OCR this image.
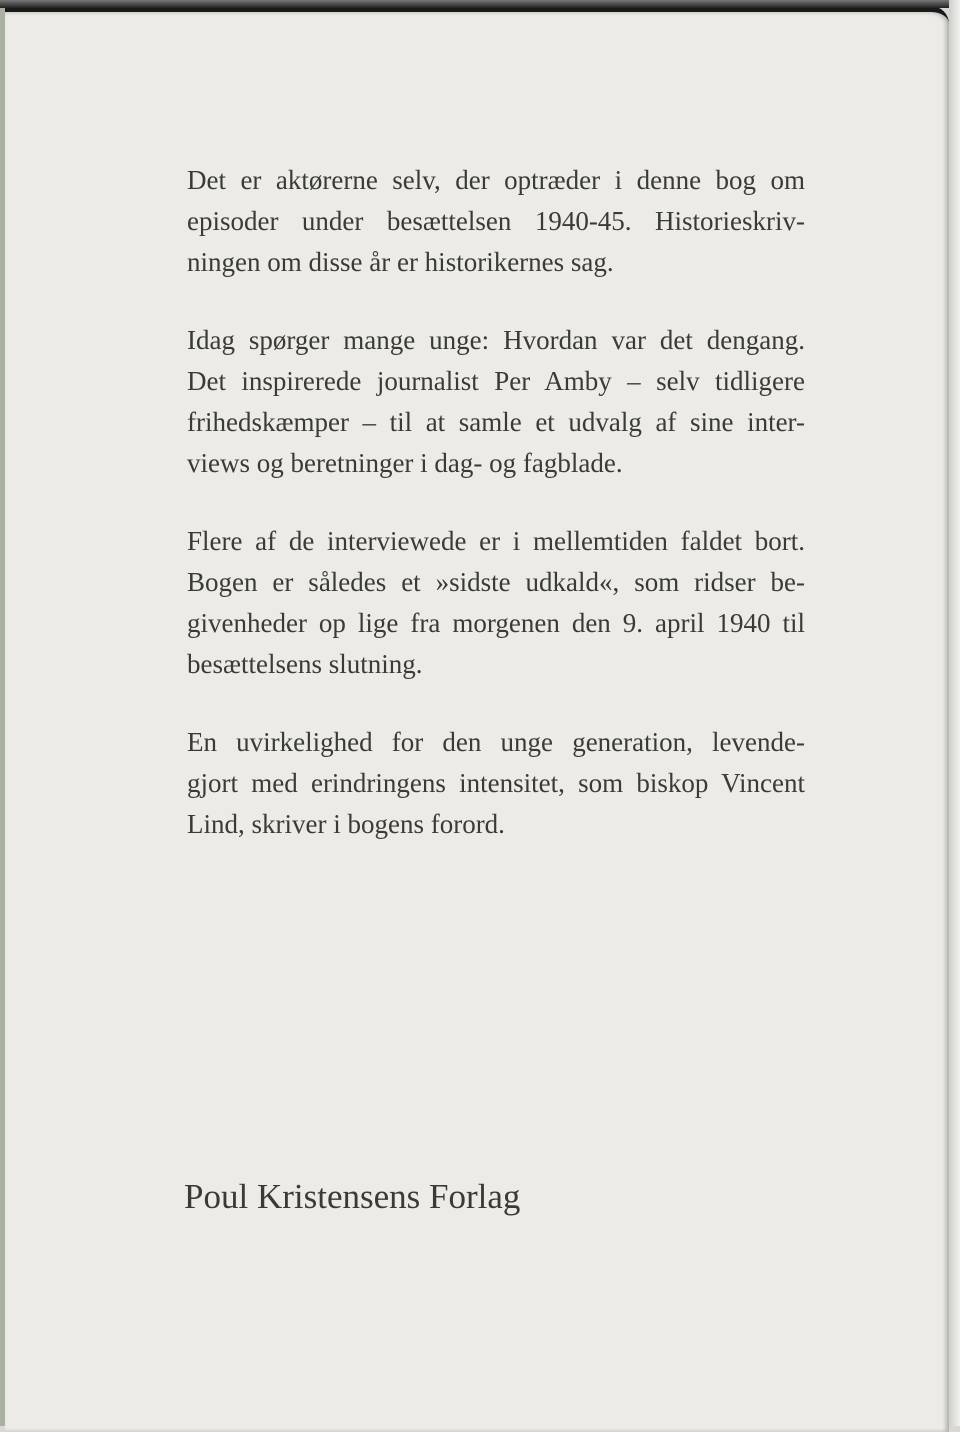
Det er aktørerne selv, der optræder i denne bog om
episoder under besættelsen 1940-45. Historieskriv-
ningen om disse år er historikernes sag.
Idag spørger mange unge: Hvordan var det dengang.
Det inspirerede journalist Per Amby – selv tidligere
frihedskæmper – til at samle et udvalg af sine inter-
views og beretninger i dag- og fagblade.
Flere af de interviewede er i mellemtiden faldet bort.
Bogen er således et »sidste udkald«, som ridser be-
givenheder op lige fra morgenen den 9. april 1940 til
besættelsens slutning.
En uvirkelighed for den unge generation, levende-
gjort med erindringens intensitet, som biskop Vincent
Lind, skriver i bogens forord.
Poul Kristensens Forlag
